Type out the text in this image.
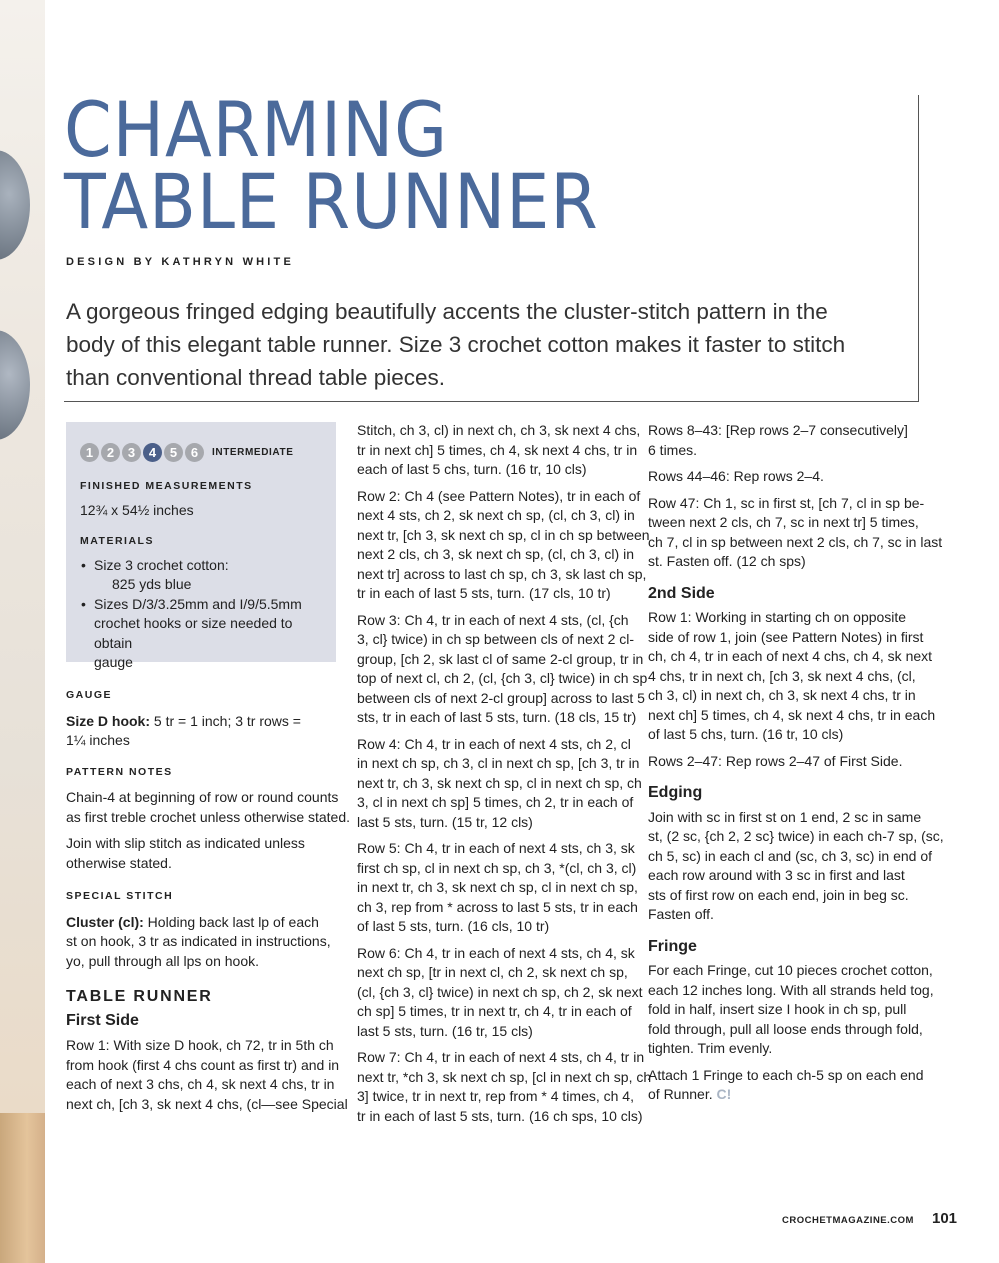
CHARMING
TABLE RUNNER
DESIGN BY KATHRYN WHITE
A gorgeous fringed edging beautifully accents the cluster-stitch pattern in the
body of this elegant table runner. Size 3 crochet cotton makes it faster to stitch
than conventional thread table pieces.
1	2	3	4	5	6	INTERMEDIATE
FINISHED MEASUREMENTS
12¾ x 54½ inches
MATERIALS
• Size 3 crochet cotton:
825 yds blue
• Sizes D/3/3.25mm and I/9/5.5mm
crochet hooks or size needed to obtain
gauge
GAUGE

Size D hook: 5 tr = 1 inch; 3 tr rows =
1¼ inches

PATTERN NOTES

Chain-4 at beginning of row or round counts
as first treble crochet unless otherwise stated.

Join with slip stitch as indicated unless
otherwise stated.

SPECIAL STITCH

Cluster (cl): Holding back last lp of each
st on hook, 3 tr as indicated in instructions,
yo, pull through all lps on hook.

TABLE RUNNER
First Side

Row 1: With size D hook, ch 72, tr in 5th ch
from hook (first 4 chs count as first tr) and in
each of next 3 chs, ch 4, sk next 4 chs, tr in
next ch, [ch 3, sk next 4 chs, (cl—see Special

Stitch, ch 3, cl) in next ch, ch 3, sk next 4 chs,
tr in next ch] 5 times, ch 4, sk next 4 chs, tr in
each of last 5 chs, turn. (16 tr, 10 cls)

Row 2: Ch 4 (see Pattern Notes), tr in each of
next 4 sts, ch 2, sk next ch sp, (cl, ch 3, cl) in
next tr, [ch 3, sk next ch sp, cl in ch sp between
next 2 cls, ch 3, sk next ch sp, (cl, ch 3, cl) in
next tr] across to last ch sp, ch 3, sk last ch sp,
tr in each of last 5 sts, turn. (17 cls, 10 tr)

Row 3: Ch 4, tr in each of next 4 sts, (cl, {ch
3, cl} twice) in ch sp between cls of next 2 cl-
group, [ch 2, sk last cl of same 2-cl group, tr in
top of next cl, ch 2, (cl, {ch 3, cl} twice) in ch sp
between cls of next 2-cl group] across to last 5
sts, tr in each of last 5 sts, turn. (18 cls, 15 tr)

Row 4: Ch 4, tr in each of next 4 sts, ch 2, cl
in next ch sp, ch 3, cl in next ch sp, [ch 3, tr in
next tr, ch 3, sk next ch sp, cl in next ch sp, ch
3, cl in next ch sp] 5 times, ch 2, tr in each of
last 5 sts, turn. (15 tr, 12 cls)

Row 5: Ch 4, tr in each of next 4 sts, ch 3, sk
first ch sp, cl in next ch sp, ch 3, *(cl, ch 3, cl)
in next tr, ch 3, sk next ch sp, cl in next ch sp,
ch 3, rep from * across to last 5 sts, tr in each
of last 5 sts, turn. (16 cls, 10 tr)

Row 6: Ch 4, tr in each of next 4 sts, ch 4, sk
next ch sp, [tr in next cl, ch 2, sk next ch sp,
(cl, {ch 3, cl} twice) in next ch sp, ch 2, sk next
ch sp] 5 times, tr in next tr, ch 4, tr in each of
last 5 sts, turn. (16 tr, 15 cls)

Row 7: Ch 4, tr in each of next 4 sts, ch 4, tr in
next tr, *ch 3, sk next ch sp, [cl in next ch sp, ch
3] twice, tr in next tr, rep from * 4 times, ch 4,
tr in each of last 5 sts, turn. (16 ch sps, 10 cls)

Rows 8–43: [Rep rows 2–7 consecutively]
6 times.

Rows 44–46: Rep rows 2–4.

Row 47: Ch 1, sc in first st, [ch 7, cl in sp be-
tween next 2 cls, ch 7, sc in next tr] 5 times,
ch 7, cl in sp between next 2 cls, ch 7, sc in last
st. Fasten off. (12 ch sps)

2nd Side

Row 1: Working in starting ch on opposite
side of row 1, join (see Pattern Notes) in first
ch, ch 4, tr in each of next 4 chs, ch 4, sk next
4 chs, tr in next ch, [ch 3, sk next 4 chs, (cl,
ch 3, cl) in next ch, ch 3, sk next 4 chs, tr in
next ch] 5 times, ch 4, sk next 4 chs, tr in each
of last 5 chs, turn. (16 tr, 10 cls)

Rows 2–47: Rep rows 2–47 of First Side.

Edging

Join with sc in first st on 1 end, 2 sc in same
st, (2 sc, {ch 2, 2 sc} twice) in each ch-7 sp, (sc,
ch 5, sc) in each cl and (sc, ch 3, sc) in end of
each row around with 3 sc in first and last
sts of first row on each end, join in beg sc.
Fasten off.

Fringe

For each Fringe, cut 10 pieces crochet cotton,
each 12 inches long. With all strands held tog,
fold in half, insert size I hook in ch sp, pull
fold through, pull all loose ends through fold,
tighten. Trim evenly.

Attach 1 Fringe to each ch-5 sp on each end
of Runner. C!

CROCHETMAGAZINE.COM 101
